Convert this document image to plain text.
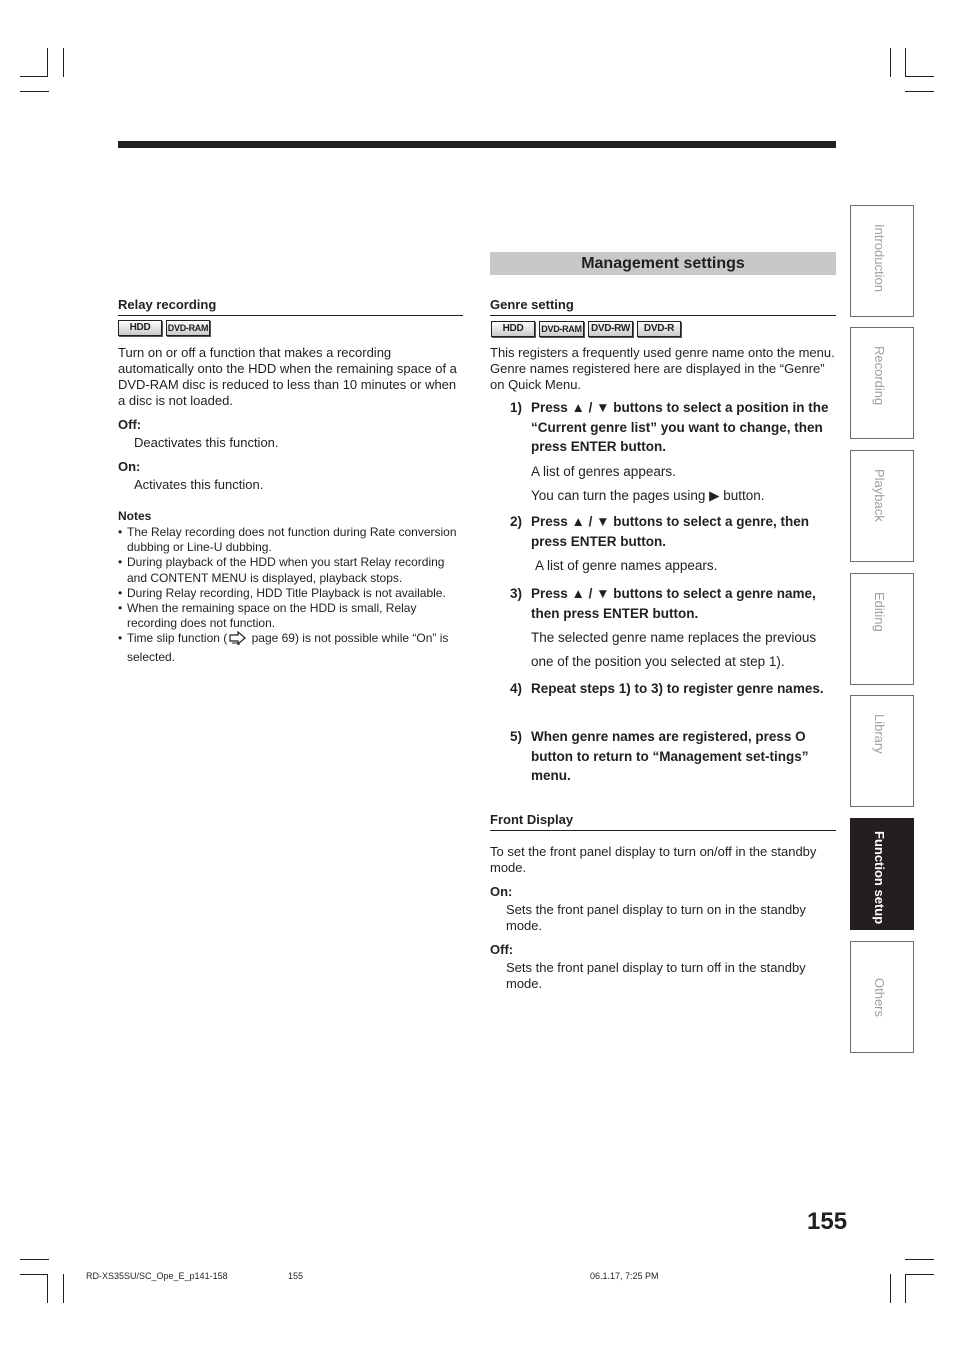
Management settings
Relay recording
HDD	DVD-RAM
Turn on or off a function that makes a recording automatically onto the HDD when the remaining space of a DVD-RAM disc is reduced to less than 10 minutes or when a disc is not loaded.
Off:
Deactivates this function.
On:
Activates this function.
Notes

• The Relay recording does not function during Rate conversion dubbing or Line-U dubbing.

• During playback of the HDD when you start Relay recording and CONTENT MENU is displayed, playback stops.

• During Relay recording, HDD Title Playback is not available.

• When the remaining space on the HDD is small, Relay recording does not function.

• Time slip function ( page 69) is not possible while “On” is selected.

Genre setting
HDD	DVD-RAM DVD-RW	DVD-R
This registers a frequently used genre name onto the menu. Genre names registered here are displayed in the “Genre” on Quick Menu.
1) Press ▲ / ▼ buttons to select a position in the “Current genre list” you want to change, then press ENTER button.
A list of genres appears.
You can turn the pages using ▶ button.
2) Press ▲ / ▼ buttons to select a genre, then press ENTER button.
A list of genre names appears.
3) Press ▲ / ▼ buttons to select a genre name, then press ENTER button.
The selected genre name replaces the previous one of the position you selected at step 1).
4) Repeat steps 1) to 3) to register genre names.
5) When genre names are registered, press O button to return to “Management set-tings” menu.
Front Display
To set the front panel display to turn on/off in the standby mode.
On:
Sets the front panel display to turn on in the standby mode.
Off:
Sets the front panel display to turn off in the standby mode.
Introduction
Recording
Playback
Editing
Library
Function setup
Others
155
RD-XS35SU/SC_Ope_E_p141-158	155	06.1.17, 7:25 PM
